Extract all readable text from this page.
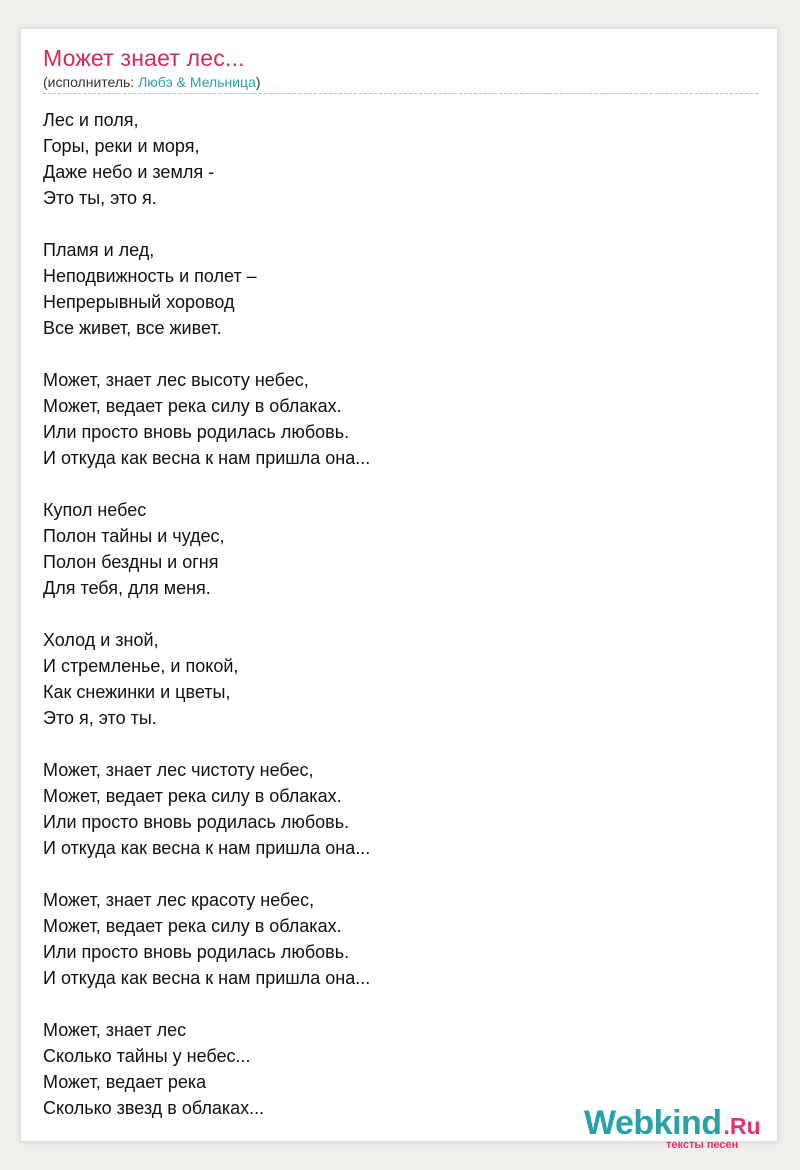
Может знает лес...
(исполнитель: Любэ & Мельница)
Лес и поля,
Горы, реки и моря,
Даже небо и земля -
Это ты, это я.
Пламя и лед,
Неподвижность и полет –
Непрерывный хоровод
Все живет, все живет.
Может, знает лес высоту небес,
Может, ведает река силу в облаках.
Или просто вновь родилась любовь.
И откуда как весна к нам пришла она...
Купол небес
Полон тайны и чудес,
Полон бездны и огня
Для тебя, для меня.
Холод и зной,
И стремленье, и покой,
Как снежинки и цветы,
Это я, это ты.
Может, знает лес чистоту небес,
Может, ведает река силу в облаках.
Или просто вновь родилась любовь.
И откуда как весна к нам пришла она...
Может, знает лес красоту небес,
Может, ведает река силу в облаках.
Или просто вновь родилась любовь.
И откуда как весна к нам пришла она...
Может, знает лес
Сколько тайны у небес...
Может, ведает река
Сколько звезд в облаках...	Webkind.Ru
тексты песен
